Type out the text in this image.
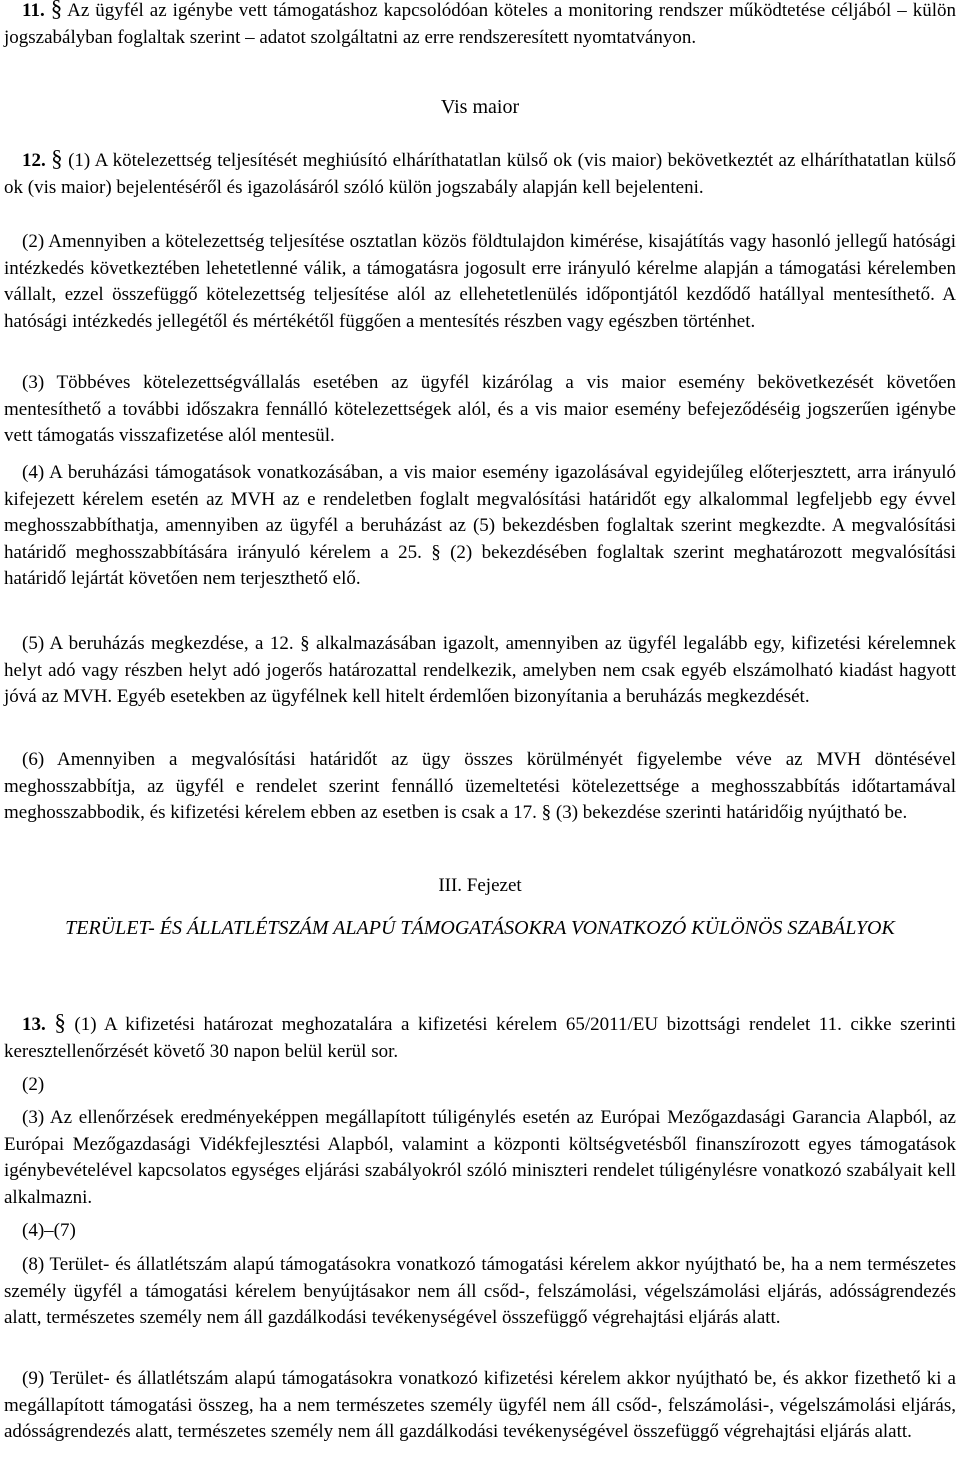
11. § Az ügyfél az igénybe vett támogatáshoz kapcsolódóan köteles a monitoring rendszer működtetése céljából – külön jogszabályban foglaltak szerint – adatot szolgáltatni az erre rendszeresített nyomtatványon.

Vis maior

12. § (1) A kötelezettség teljesítését meghiúsító elháríthatatlan külső ok (vis maior) bekövetkeztét az elháríthatatlan külső ok (vis maior) bejelentéséről és igazolásáról szóló külön jogszabály alapján kell bejelenteni.

(2) Amennyiben a kötelezettség teljesítése osztatlan közös földtulajdon kimérése, kisajátítás vagy hasonló jellegű hatósági intézkedés következtében lehetetlenné válik, a támogatásra jogosult erre irányuló kérelme alapján a támogatási kérelemben vállalt, ezzel összefüggő kötelezettség teljesítése alól az ellehetetlenülés időpontjától kezdődő hatállyal mentesíthető. A hatósági intézkedés jellegétől és mértékétől függően a mentesítés részben vagy egészben történhet.

(3) Többéves kötelezettségvállalás esetében az ügyfél kizárólag a vis maior esemény bekövetkezését követően mentesíthető a további időszakra fennálló kötelezettségek alól, és a vis maior esemény befejeződéséig jogszerűen igénybe vett támogatás visszafizetése alól mentesül.

(4) A beruházási támogatások vonatkozásában, a vis maior esemény igazolásával egyidejűleg előterjesztett, arra irányuló kifejezett kérelem esetén az MVH az e rendeletben foglalt megvalósítási határidőt egy alkalommal legfeljebb egy évvel meghosszabbíthatja, amennyiben az ügyfél a beruházást az (5) bekezdésben foglaltak szerint megkezdte. A megvalósítási határidő meghosszabbítására irányuló kérelem a 25. § (2) bekezdésében foglaltak szerint meghatározott megvalósítási határidő lejártát követően nem terjeszthető elő.

(5) A beruházás megkezdése, a 12. § alkalmazásában igazolt, amennyiben az ügyfél legalább egy, kifizetési kérelemnek helyt adó vagy részben helyt adó jogerős határozattal rendelkezik, amelyben nem csak egyéb elszámolható kiadást hagyott jóvá az MVH. Egyéb esetekben az ügyfélnek kell hitelt érdemlően bizonyítania a beruházás megkezdését.

(6) Amennyiben a megvalósítási határidőt az ügy összes körülményét figyelembe véve az MVH döntésével meghosszabbítja, az ügyfél e rendelet szerint fennálló üzemeltetési kötelezettsége a meghosszabbítás időtartamával meghosszabbodik, és kifizetési kérelem ebben az esetben is csak a 17. § (3) bekezdése szerinti határidőig nyújtható be.

III. Fejezet

TERÜLET- ÉS ÁLLATLÉTSZÁM ALAPÚ TÁMOGATÁSOKRA VONATKOZÓ KÜLÖNÖS SZABÁLYOK

13. § (1) A kifizetési határozat meghozatalára a kifizetési kérelem 65/2011/EU bizottsági rendelet 11. cikke szerinti keresztellenőrzését követő 30 napon belül kerül sor.

(2)

(3) Az ellenőrzések eredményeképpen megállapított túligénylés esetén az Európai Mezőgazdasági Garancia Alapból, az Európai Mezőgazdasági Vidékfejlesztési Alapból, valamint a központi költségvetésből finanszírozott egyes támogatások igénybevételével kapcsolatos egységes eljárási szabályokról szóló miniszteri rendelet túligénylésre vonatkozó szabályait kell alkalmazni.

(4)–(7)

(8) Terület- és állatlétszám alapú támogatásokra vonatkozó támogatási kérelem akkor nyújtható be, ha a nem természetes személy ügyfél a támogatási kérelem benyújtásakor nem áll csőd-, felszámolási, végelszámolási eljárás, adósságrendezés alatt, természetes személy nem áll gazdálkodási tevékenységével összefüggő végrehajtási eljárás alatt.

(9) Terület- és állatlétszám alapú támogatásokra vonatkozó kifizetési kérelem akkor nyújtható be, és akkor fizethető ki a megállapított támogatási összeg, ha a nem természetes személy ügyfél nem áll csőd-, felszámolási-, végelszámolási eljárás, adósságrendezés alatt, természetes személy nem áll gazdálkodási tevékenységével összefüggő végrehajtási eljárás alatt.
